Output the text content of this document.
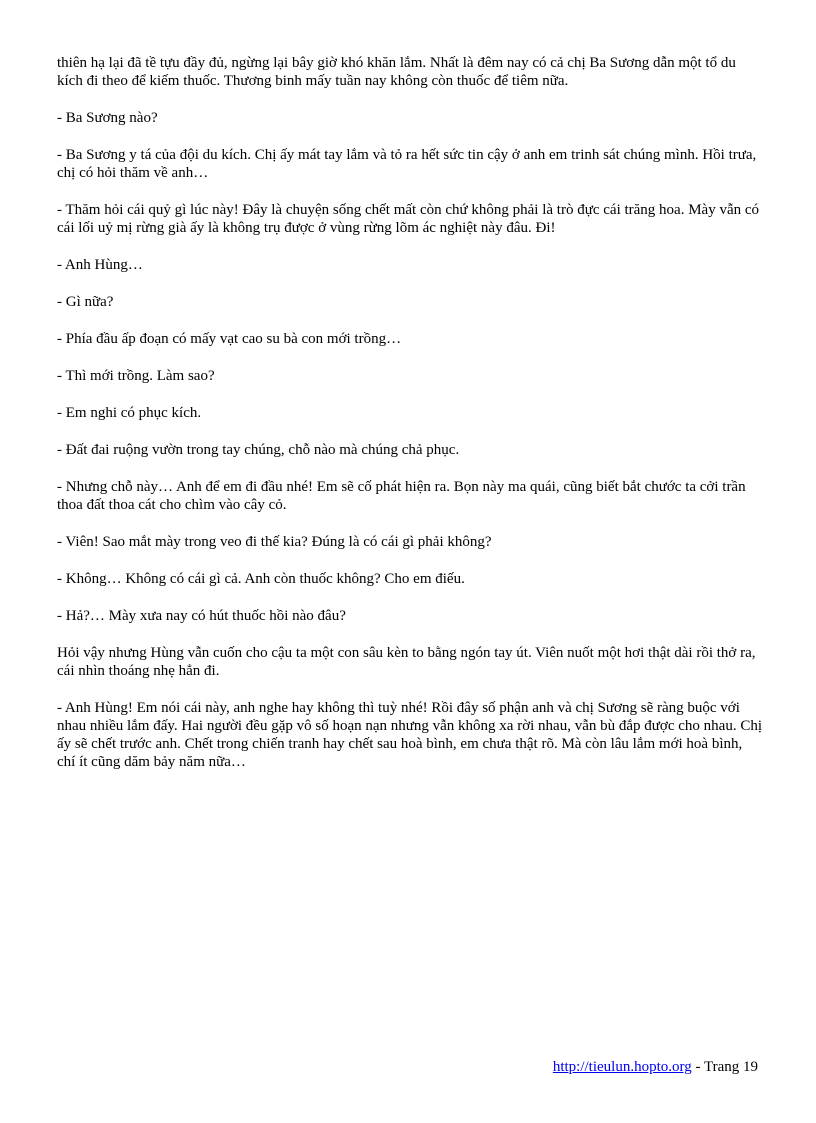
thiên hạ lại đã tề tựu đầy đủ, ngừng lại bây giờ khó khăn lắm. Nhất là đêm nay có cả chị Ba Sương dẫn một tổ du kích đi theo để kiếm thuốc. Thương binh mấy tuần nay không còn thuốc để tiêm nữa.

- Ba Sương nào?

- Ba Sương y tá của đội du kích. Chị ấy mát tay lắm và tỏ ra hết sức tin cậy ở anh em trinh sát chúng mình. Hồi trưa, chị có hỏi thăm về anh…

- Thăm hỏi cái quỷ gì lúc này! Đây là chuyện sống chết mất còn chứ không phải là trò đực cái trăng hoa. Mày vẫn có cái lối uỷ mị rừng già ấy là không trụ được ở vùng rừng lõm ác nghiệt này đâu. Đi!

- Anh Hùng…

- Gì nữa?

- Phía đầu ấp đoạn có mấy vạt cao su bà con mới trồng…

- Thì mới trồng. Làm sao?

- Em nghi có phục kích.

- Đất đai ruộng vườn trong tay chúng, chỗ nào mà chúng chả phục.

- Nhưng chỗ này… Anh để em đi đầu nhé! Em sẽ cố phát hiện ra. Bọn này ma quái, cũng biết bắt chước ta cởi trần thoa đất thoa cát cho chìm vào cây cỏ.

- Viên! Sao mắt mày trong veo đi thế kia? Đúng là có cái gì phải không?

- Không… Không có cái gì cả. Anh còn thuốc không? Cho em điếu.

- Hả?… Mày xưa nay có hút thuốc hồi nào đâu?

Hỏi vậy nhưng Hùng vẫn cuốn cho cậu ta một con sâu kèn to bằng ngón tay út. Viên nuốt một hơi thật dài rồi thở ra, cái nhìn thoáng nhẹ hẳn đi.

- Anh Hùng! Em nói cái này, anh nghe hay không thì tuỳ nhé! Rồi đây số phận anh và chị Sương sẽ ràng buộc với nhau nhiều lắm đấy. Hai người đều gặp vô số hoạn nạn nhưng vẫn không xa rời nhau, vẫn bù đắp được cho nhau. Chị ấy sẽ chết trước anh. Chết trong chiến tranh hay chết sau hoà bình, em chưa thật rõ. Mà còn lâu lắm mới hoà bình, chí ít cũng dăm bảy năm nữa…

http://tieulun.hopto.org - Trang 19
